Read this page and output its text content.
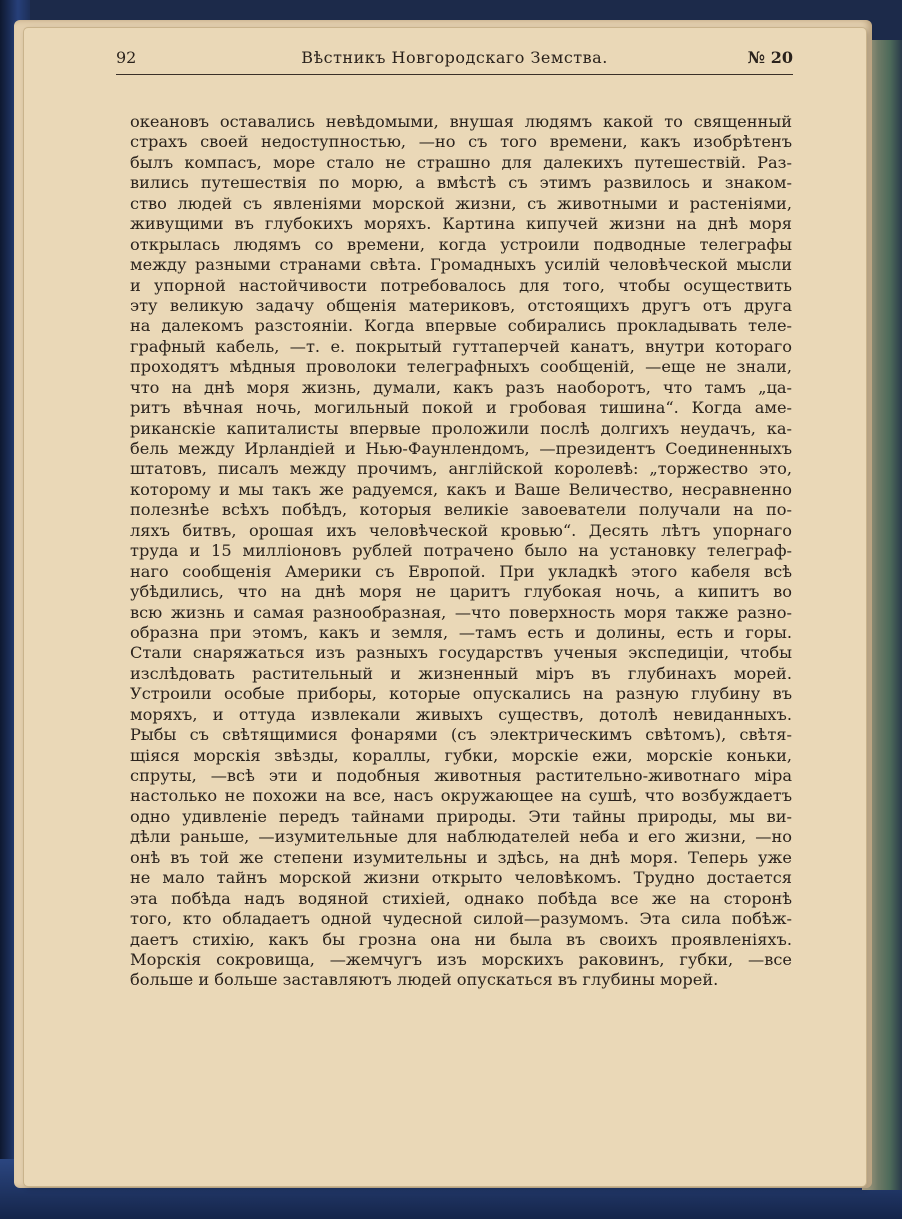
92	Вѣстникъ Новгородскаго Земства.	№ 20
океановъ оставались невѣдомыми, внушая людямъ какой то священный
страхъ своей недоступностью, —но съ того времени, какъ изобрѣтенъ
былъ компасъ, море стало не страшно для далекихъ путешествій. Раз-
вились путешествія по морю, а вмѣстѣ съ этимъ развилось и знаком-
ство людей съ явленіями морской жизни, съ животными и растеніями,
живущими въ глубокихъ моряхъ. Картина кипучей жизни на днѣ моря
открылась людямъ со времени, когда устроили подводные телеграфы
между разными странами свѣта. Громадныхъ усилій человѣческой мысли
и упорной настойчивости потребовалось для того, чтобы осуществить
эту великую задачу общенія материковъ, отстоящихъ другъ отъ друга
на далекомъ разстояніи. Когда впервые собирались прокладывать теле-
графный кабель, —т. е. покрытый гуттаперчей канатъ, внутри котораго
проходятъ мѣдныя проволоки телеграфныхъ сообщеній, —еще не знали,
что на днѣ моря жизнь, думали, какъ разъ наоборотъ, что тамъ „ца-
ритъ вѣчная ночь, могильный покой и гробовая тишина“. Когда аме-
риканскіе капиталисты впервые проложили послѣ долгихъ неудачъ, ка-
бель между Ирландіей и Нью-Фаунлендомъ, —президентъ Соединенныхъ
штатовъ, писалъ между прочимъ, англійской королевѣ: „торжество это,
которому и мы такъ же радуемся, какъ и Ваше Величество, несравненно
полезнѣе всѣхъ побѣдъ, которыя великіе завоеватели получали на по-
ляхъ битвъ, орошая ихъ человѣческой кровью“. Десять лѣтъ упорнаго
труда и 15 милліоновъ рублей потрачено было на установку телеграф-
наго сообщенія Америки съ Европой. При укладкѣ этого кабеля всѣ
убѣдились, что на днѣ моря не царитъ глубокая ночь, а кипитъ во
всю жизнь и самая разнообразная, —что поверхность моря также разно-
образна при этомъ, какъ и земля, —тамъ есть и долины, есть и горы.
Стали снаряжаться изъ разныхъ государствъ ученыя экспедиціи, чтобы
изслѣдовать растительный и жизненный міръ въ глубинахъ морей.
Устроили особые приборы, которые опускались на разную глубину въ
моряхъ, и оттуда извлекали живыхъ существъ, дотолѣ невиданныхъ.
Рыбы съ свѣтящимися фонарями (съ электрическимъ свѣтомъ), свѣтя-
щіяся морскія звѣзды, кораллы, губки, морскіе ежи, морскіе коньки,
спруты, —всѣ эти и подобныя животныя растительно-животнаго міра
настолько не похожи на все, насъ окружающее на сушѣ, что возбуждаетъ
одно удивленіе передъ тайнами природы. Эти тайны природы, мы ви-
дѣли раньше, —изумительные для наблюдателей неба и его жизни, —но
онѣ въ той же степени изумительны и здѣсь, на днѣ моря. Теперь уже
не мало тайнъ морской жизни открыто человѣкомъ. Трудно достается
эта побѣда надъ водяной стихіей, однако побѣда все же на сторонѣ
того, кто обладаетъ одной чудесной силой—разумомъ. Эта сила побѣж-
даетъ стихію, какъ бы грозна она ни была въ своихъ проявленіяхъ.
Морскія сокровища, —жемчугъ изъ морскихъ раковинъ, губки, —все
больше и больше заставляютъ людей опускаться въ глубины морей.
